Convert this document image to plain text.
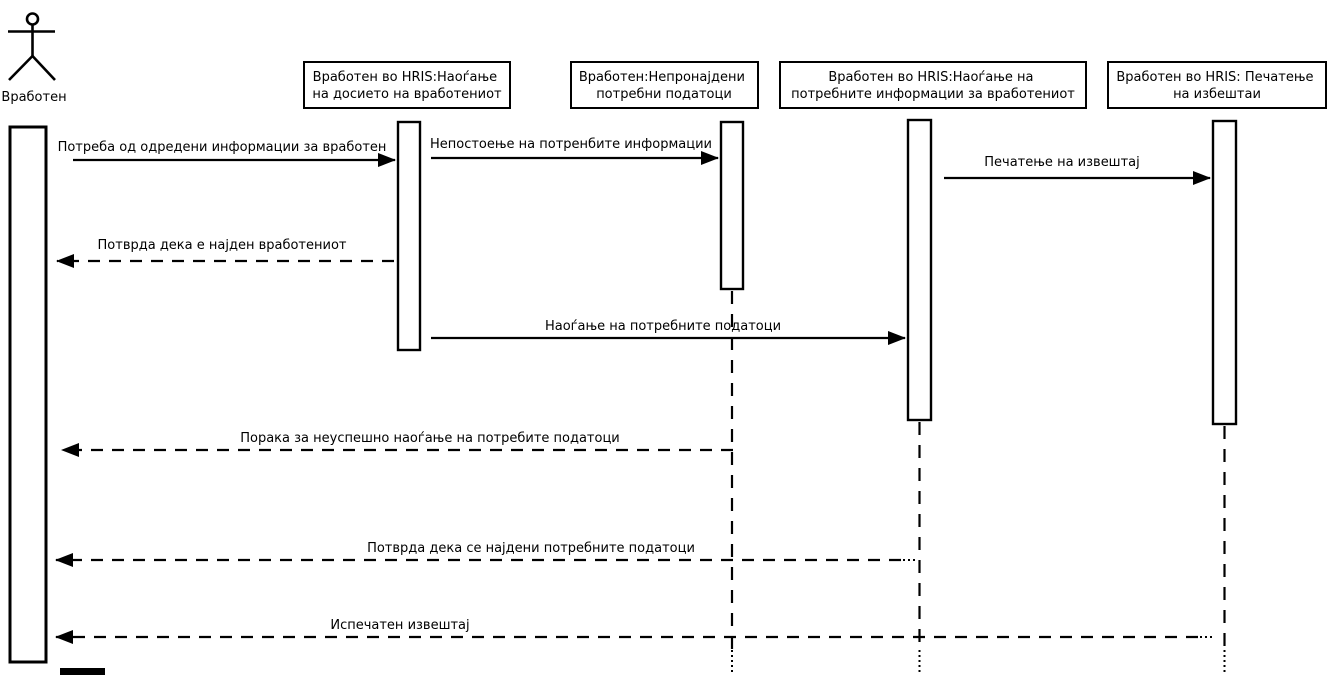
Вработен
Вработен во HRIS:Наоѓање на досието на вработениот
Вработен:Непронајдени потребни податоци
Вработен во HRIS:Наоѓање на потребните информации за вработениот
Вработен во HRIS: Печатење на избештаи
Потреба од одредени информации за вработен	Непостоење на потренбите информации
Печатење на извештај
Потврда дека е најден вработениот
Наоѓање на потребните податоци
Порака за неуспешно наоѓање на потребите податоци
Потврда дека се најдени потребните податоци
Испечатен извештај
